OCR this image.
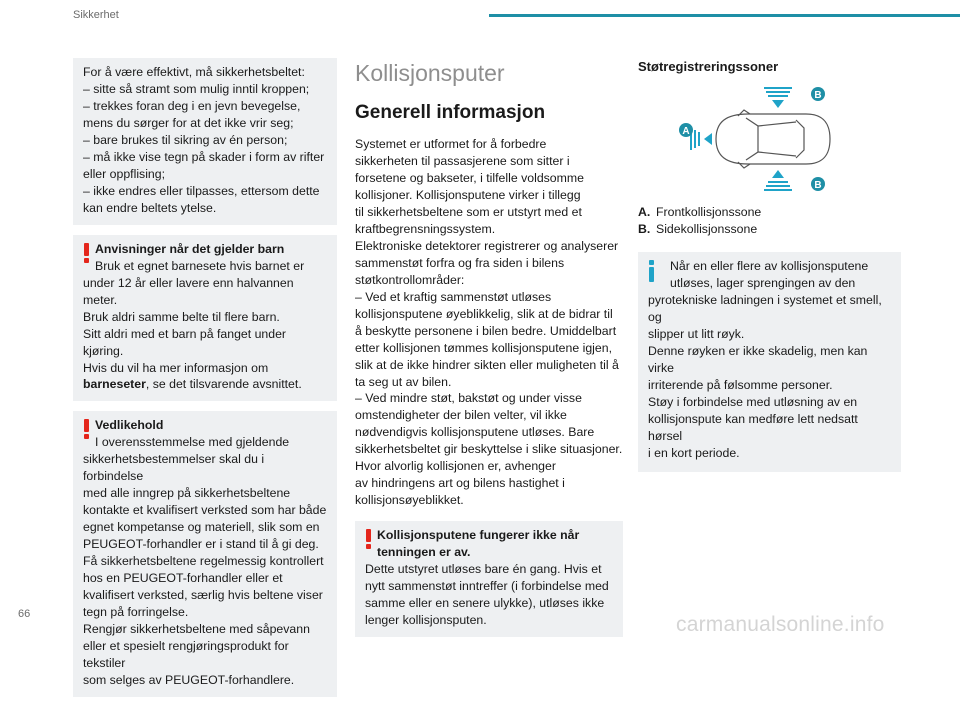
Sikkerhet

For å være effektivt, må sikkerhetsbeltet:

– sitte så stramt som mulig inntil kroppen;

– trekkes foran deg i en jevn bevegelse,

mens du sørger for at det ikke vrir seg;

– bare brukes til sikring av én person;

– må ikke vise tegn på skader i form av rifter

eller oppflising;

– ikke endres eller tilpasses, ettersom dette

kan endre beltets ytelse.

Anvisninger når det gjelder barn

Bruk et egnet barnesete hvis barnet er

under 12 år eller lavere enn halvannen meter.

Bruk aldri samme belte til flere barn.

Sitt aldri med et barn på fanget under kjøring.

Hvis du vil ha mer informasjon om

barneseter, se det tilsvarende avsnittet.

Vedlikehold

I overensstemmelse med gjeldende

sikkerhetsbestemmelser skal du i forbindelse

med alle inngrep på sikkerhetsbeltene

kontakte et kvalifisert verksted som har både

egnet kompetanse og materiell, slik som en

PEUGEOT-forhandler er i stand til å gi deg.

Få sikkerhetsbeltene regelmessig kontrollert

hos en PEUGEOT-forhandler eller et

kvalifisert verksted, særlig hvis beltene viser

tegn på forringelse.

Rengjør sikkerhetsbeltene med såpevann

eller et spesielt rengjøringsprodukt for tekstiler

som selges av PEUGEOT-forhandlere.

Kollisjonsputer
Generell informasjon

Systemet er utformet for å forbedre

sikkerheten til passasjerene som sitter i

forsetene og bakseter, i tilfelle voldsomme

kollisjoner. Kollisjonsputene virker i tillegg

til sikkerhetsbeltene som er utstyrt med et

kraftbegrensningssystem.

Elektroniske detektorer registrerer og analyserer

sammenstøt forfra og fra siden i bilens

støtkontrollområder:

– Ved et kraftig sammenstøt utløses

kollisjonsputene øyeblikkelig, slik at de bidrar til

å beskytte personene i bilen bedre. Umiddelbart

etter kollisjonen tømmes kollisjonsputene igjen,

slik at de ikke hindrer sikten eller muligheten til å

ta seg ut av bilen.

– Ved mindre støt, bakstøt og under visse

omstendigheter der bilen velter, vil ikke

nødvendigvis kollisjonsputene utløses. Bare

sikkerhetsbeltet gir beskyttelse i slike situasjoner.

Hvor alvorlig kollisjonen er, avhenger

av hindringens art og bilens hastighet i

kollisjonsøyeblikket.

Kollisjonsputene fungerer ikke når

tenningen er av.

Dette utstyret utløses bare én gang. Hvis et

nytt sammenstøt inntreffer (i forbindelse med

samme eller en senere ulykke), utløses ikke

lenger kollisjonsputen.

Støtregistreringssoner
A
B
B

A. Frontkollisjonssone

B. Sidekollisjonssone

Når en eller flere av kollisjonsputene

utløses, lager sprengingen av den

pyrotekniske ladningen i systemet et smell, og

slipper ut litt røyk.

Denne røyken er ikke skadelig, men kan virke

irriterende på følsomme personer.

Støy i forbindelse med utløsning av en

kollisjonspute kan medføre lett nedsatt hørsel

i en kort periode.

66	carmanualsonline.info
